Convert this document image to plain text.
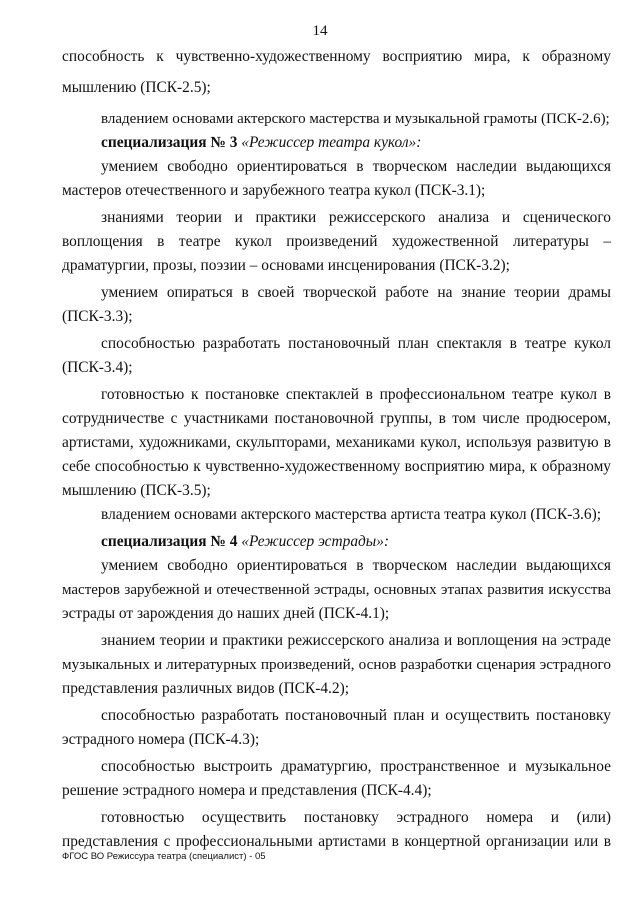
14
способность к чувственно-художественному восприятию мира, к образному
мышлению (ПСК-2.5);
владением основами актерского мастерства и музыкальной грамоты (ПСК-2.6);
специализация № 3 «Режиссер театра кукол»:
умением свободно ориентироваться в творческом наследии выдающихся
мастеров отечественного и зарубежного театра кукол (ПСК-3.1);
знаниями теории и практики режиссерского анализа и сценического
воплощения в театре кукол произведений художественной литературы –
драматургии, прозы, поэзии – основами инсценирования (ПСК-3.2);
умением опираться в своей творческой работе на знание теории драмы
(ПСК-3.3);
способностью разработать постановочный план спектакля в театре кукол
(ПСК-3.4);
готовностью к постановке спектаклей в профессиональном театре кукол в
сотрудничестве с участниками постановочной группы, в том числе продюсером,
артистами, художниками, скульпторами, механиками кукол, используя развитую в
себе способностью к чувственно-художественному восприятию мира, к образному
мышлению (ПСК-3.5);
владением основами актерского мастерства артиста театра кукол (ПСК-3.6);
специализация № 4 «Режиссер эстрады»:
умением свободно ориентироваться в творческом наследии выдающихся
мастеров зарубежной и отечественной эстрады, основных этапах развития искусства
эстрады от зарождения до наших дней (ПСК-4.1);
знанием теории и практики режиссерского анализа и воплощения на эстраде
музыкальных и литературных произведений, основ разработки сценария эстрадного
представления различных видов (ПСК-4.2);
способностью разработать постановочный план и осуществить постановку
эстрадного номера (ПСК-4.3);
способностью выстроить драматургию, пространственное и музыкальное
решение эстрадного номера и представления (ПСК-4.4);
готовностью осуществить постановку эстрадного номера и (или)
представления с профессиональными артистами в концертной организации или в
ФГОС ВО Режиссура театра (специалист) - 05
